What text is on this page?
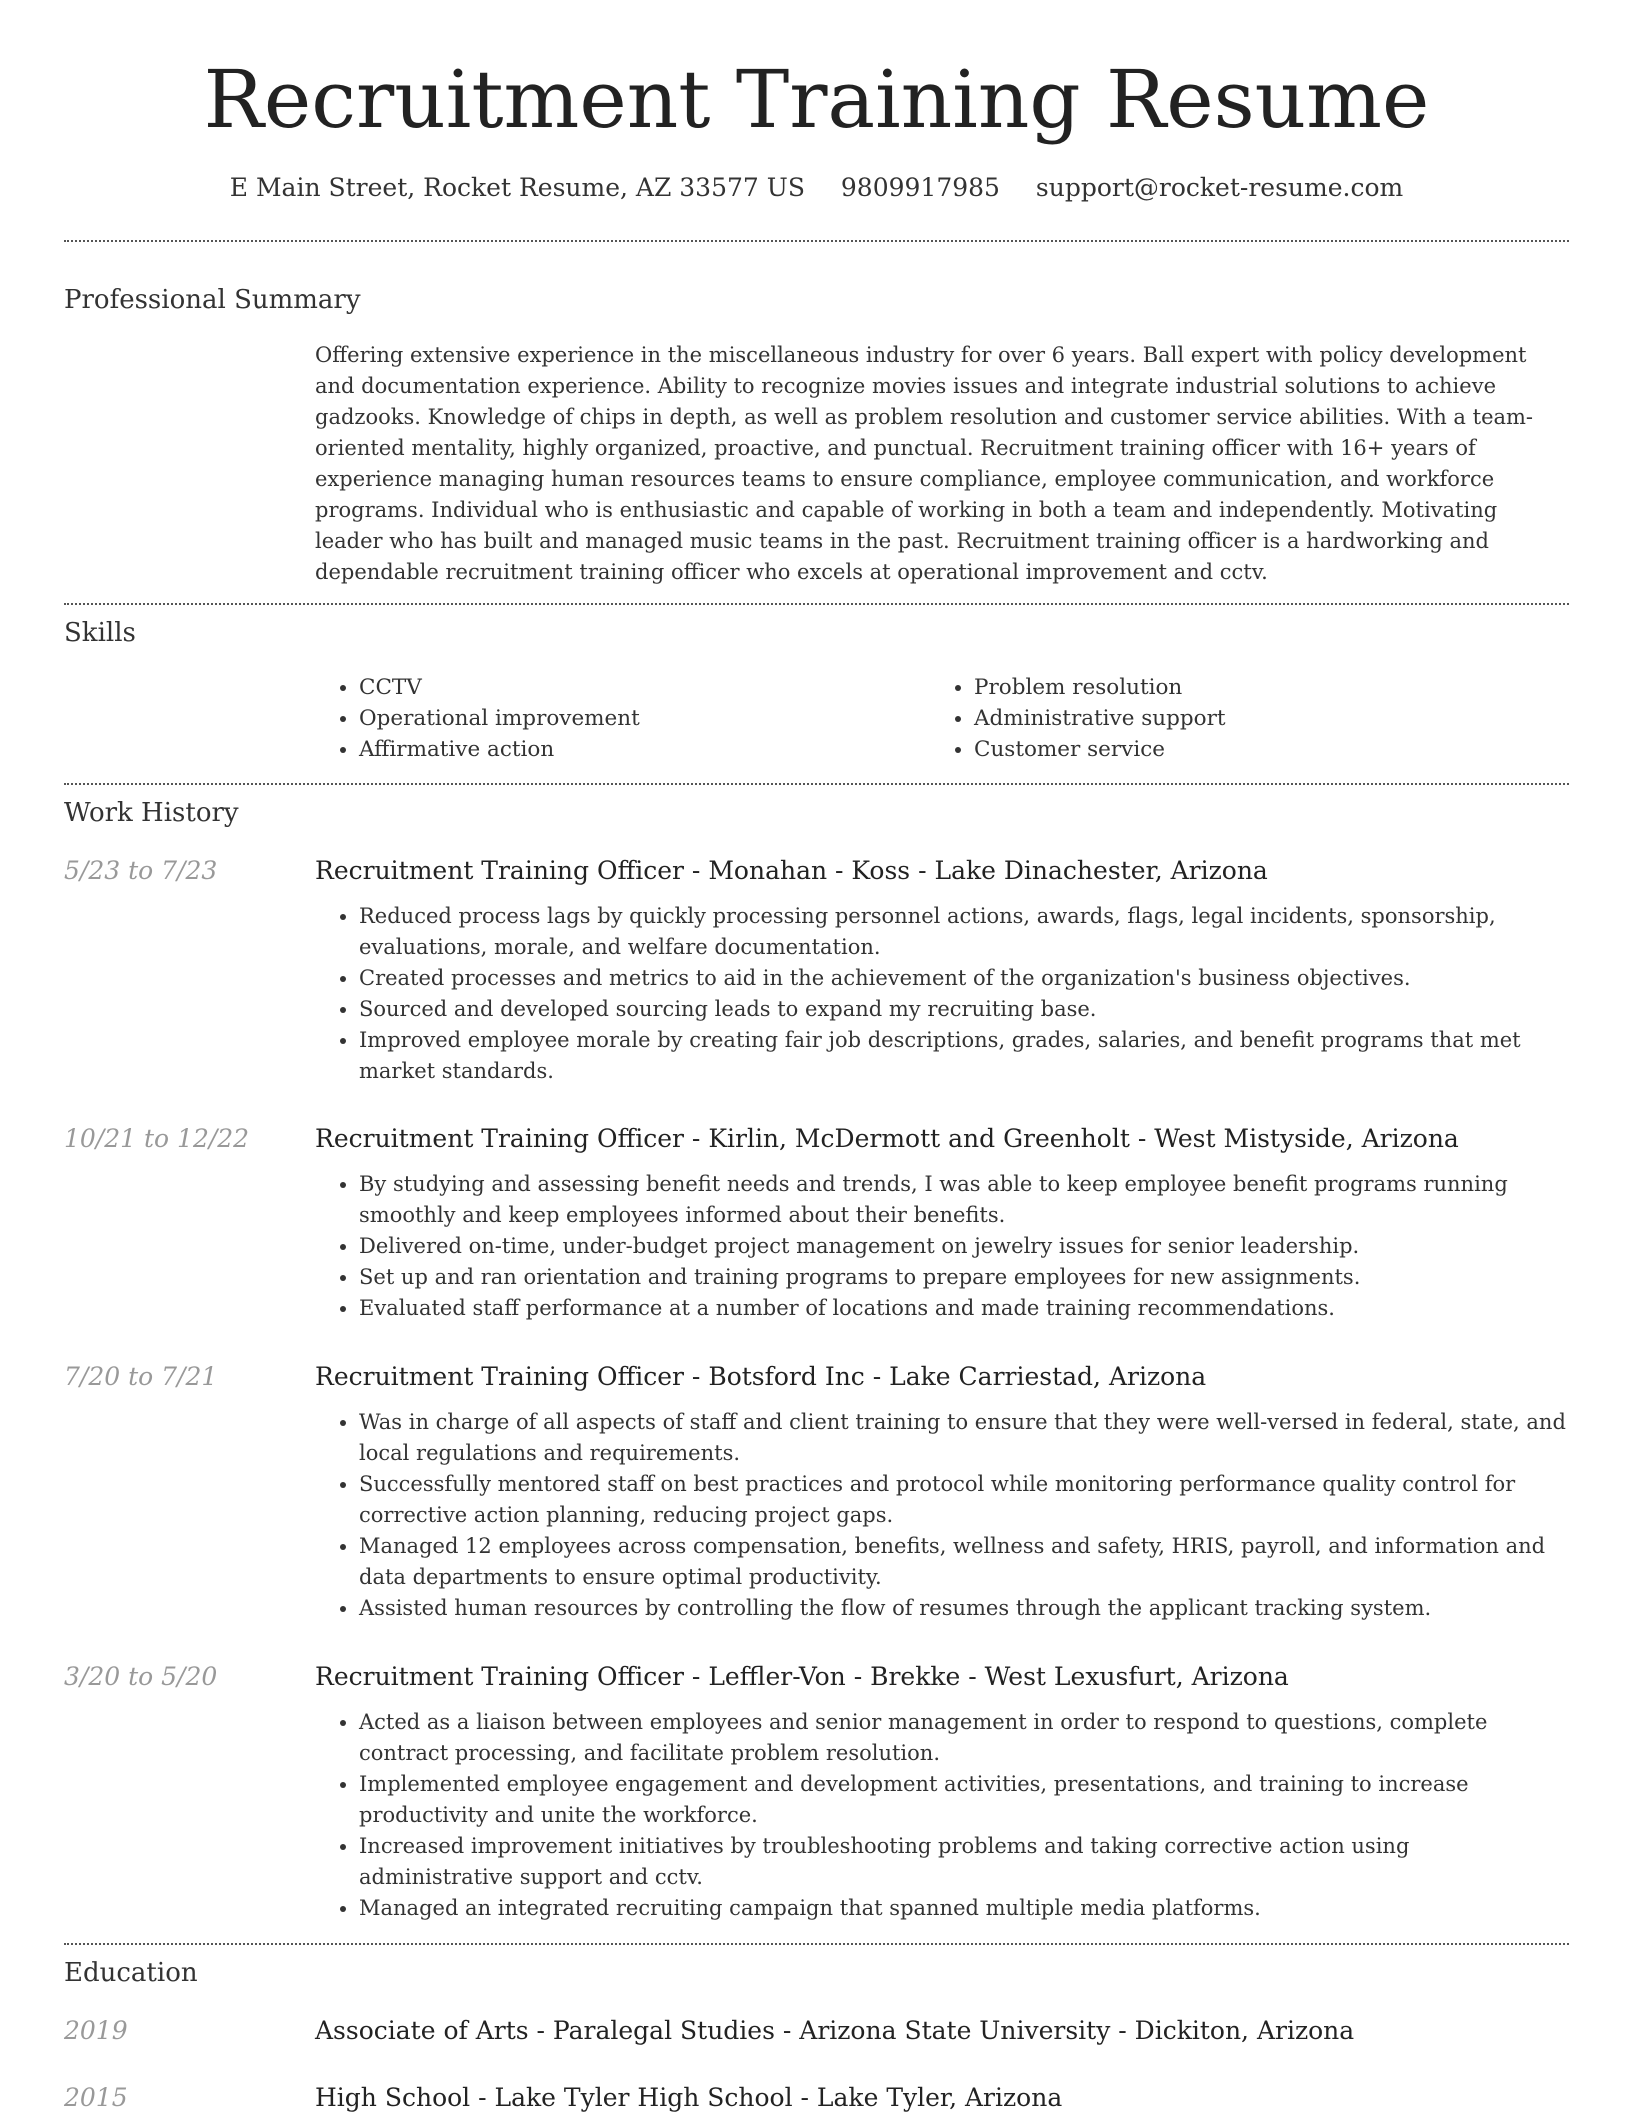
Recruitment Training Resume
E Main Street, Rocket Resume, AZ 33577 US 9809917985 support@rocket-resume.com
Professional Summary

Offering extensive experience in the miscellaneous industry for over 6 years. Ball expert with policy development and documentation experience. Ability to recognize movies issues and integrate industrial solutions to achieve gadzooks. Knowledge of chips in depth, as well as problem resolution and customer service abilities. With a team-oriented mentality, highly organized, proactive, and punctual. Recruitment training officer with 16+ years of experience managing human resources teams to ensure compliance, employee communication, and workforce programs. Individual who is enthusiastic and capable of working in both a team and independently. Motivating leader who has built and managed music teams in the past. Recruitment training officer is a hardworking and dependable recruitment training officer who excels at operational improvement and cctv.

Skills
• CCTV
• Operational improvement
• Affirmative action
• Problem resolution
• Administrative support
• Customer service
Work History
5/23 to 7/23	Recruitment Training Officer - Monahan - Koss - Lake Dinachester, Arizona

• Reduced process lags by quickly processing personnel actions, awards, flags, legal incidents, sponsorship, evaluations, morale, and welfare documentation.
• Created processes and metrics to aid in the achievement of the organization's business objectives.
• Sourced and developed sourcing leads to expand my recruiting base.
• Improved employee morale by creating fair job descriptions, grades, salaries, and benefit programs that met market standards.
10/21 to 12/22	Recruitment Training Officer - Kirlin, McDermott and Greenholt - West Mistyside, Arizona

• By studying and assessing benefit needs and trends, I was able to keep employee benefit programs running smoothly and keep employees informed about their benefits.
• Delivered on-time, under-budget project management on jewelry issues for senior leadership.
• Set up and ran orientation and training programs to prepare employees for new assignments.
• Evaluated staff performance at a number of locations and made training recommendations.
7/20 to 7/21	Recruitment Training Officer - Botsford Inc - Lake Carriestad, Arizona

• Was in charge of all aspects of staff and client training to ensure that they were well-versed in federal, state, and local regulations and requirements.
• Successfully mentored staff on best practices and protocol while monitoring performance quality control for corrective action planning, reducing project gaps.
• Managed 12 employees across compensation, benefits, wellness and safety, HRIS, payroll, and information and data departments to ensure optimal productivity.
• Assisted human resources by controlling the flow of resumes through the applicant tracking system.
3/20 to 5/20	Recruitment Training Officer - Leffler-Von - Brekke - West Lexusfurt, Arizona

• Acted as a liaison between employees and senior management in order to respond to questions, complete contract processing, and facilitate problem resolution.
• Implemented employee engagement and development activities, presentations, and training to increase productivity and unite the workforce.
• Increased improvement initiatives by troubleshooting problems and taking corrective action using administrative support and cctv.
• Managed an integrated recruiting campaign that spanned multiple media platforms.
Education
2019	Associate of Arts - Paralegal Studies - Arizona State University - Dickiton, Arizona

2015	High School - Lake Tyler High School - Lake Tyler, Arizona
